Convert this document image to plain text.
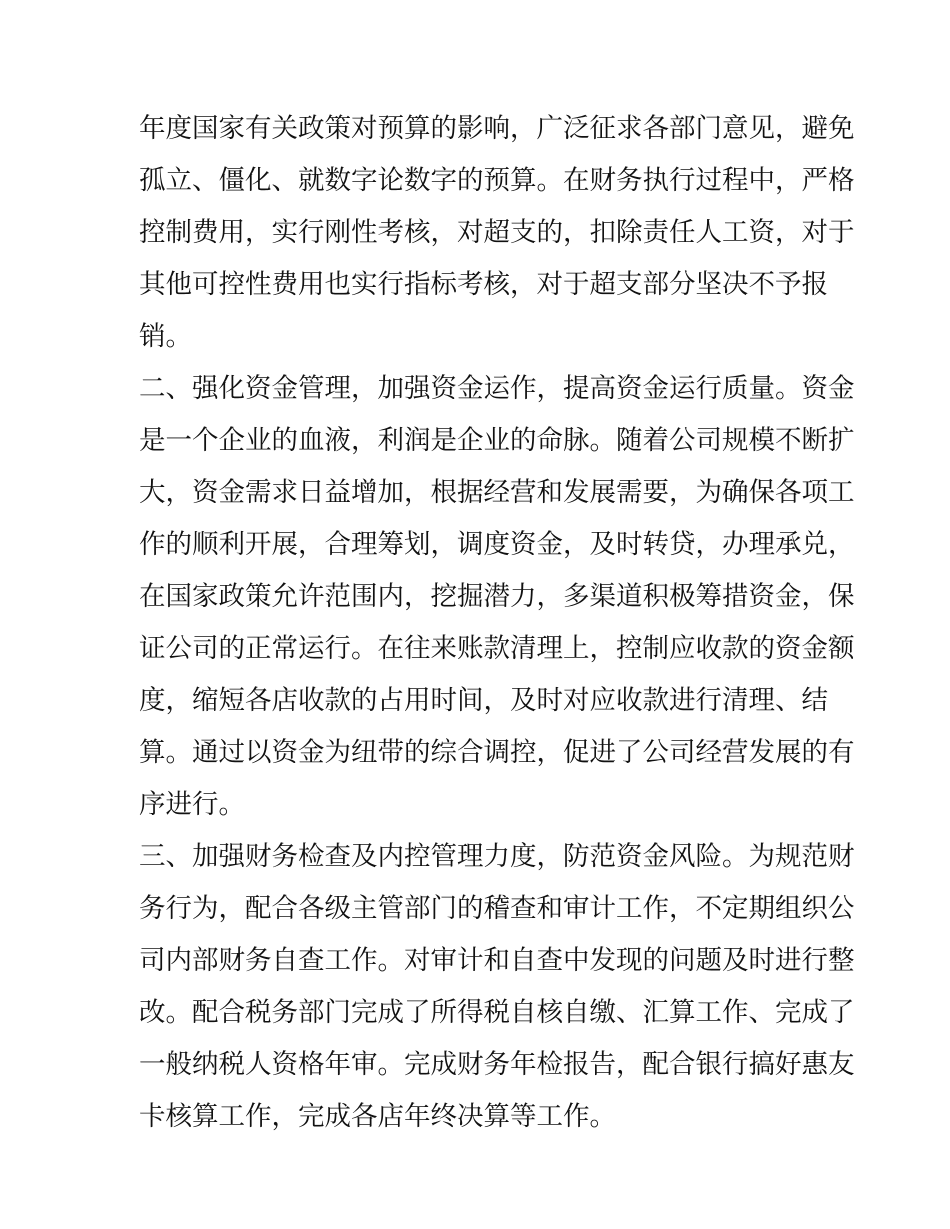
年度国家有关政策对预算的影响，广泛征求各部门意见，避免
孤立、僵化、就数字论数字的预算。在财务执行过程中，严格
控制费用，实行刚性考核，对超支的，扣除责任人工资，对于
其他可控性费用也实行指标考核，对于超支部分坚决不予报
销。
二、强化资金管理，加强资金运作，提高资金运行质量。资金
是一个企业的血液，利润是企业的命脉。随着公司规模不断扩
大，资金需求日益增加，根据经营和发展需要，为确保各项工
作的顺利开展，合理筹划，调度资金，及时转贷，办理承兑，
在国家政策允许范围内，挖掘潜力，多渠道积极筹措资金，保
证公司的正常运行。在往来账款清理上，控制应收款的资金额
度，缩短各店收款的占用时间，及时对应收款进行清理、结
算。通过以资金为纽带的综合调控，促进了公司经营发展的有
序进行。
三、加强财务检查及内控管理力度，防范资金风险。为规范财
务行为，配合各级主管部门的稽查和审计工作，不定期组织公
司内部财务自查工作。对审计和自查中发现的问题及时进行整
改。配合税务部门完成了所得税自核自缴、汇算工作、完成了
一般纳税人资格年审。完成财务年检报告，配合银行搞好惠友
卡核算工作，完成各店年终决算等工作。
